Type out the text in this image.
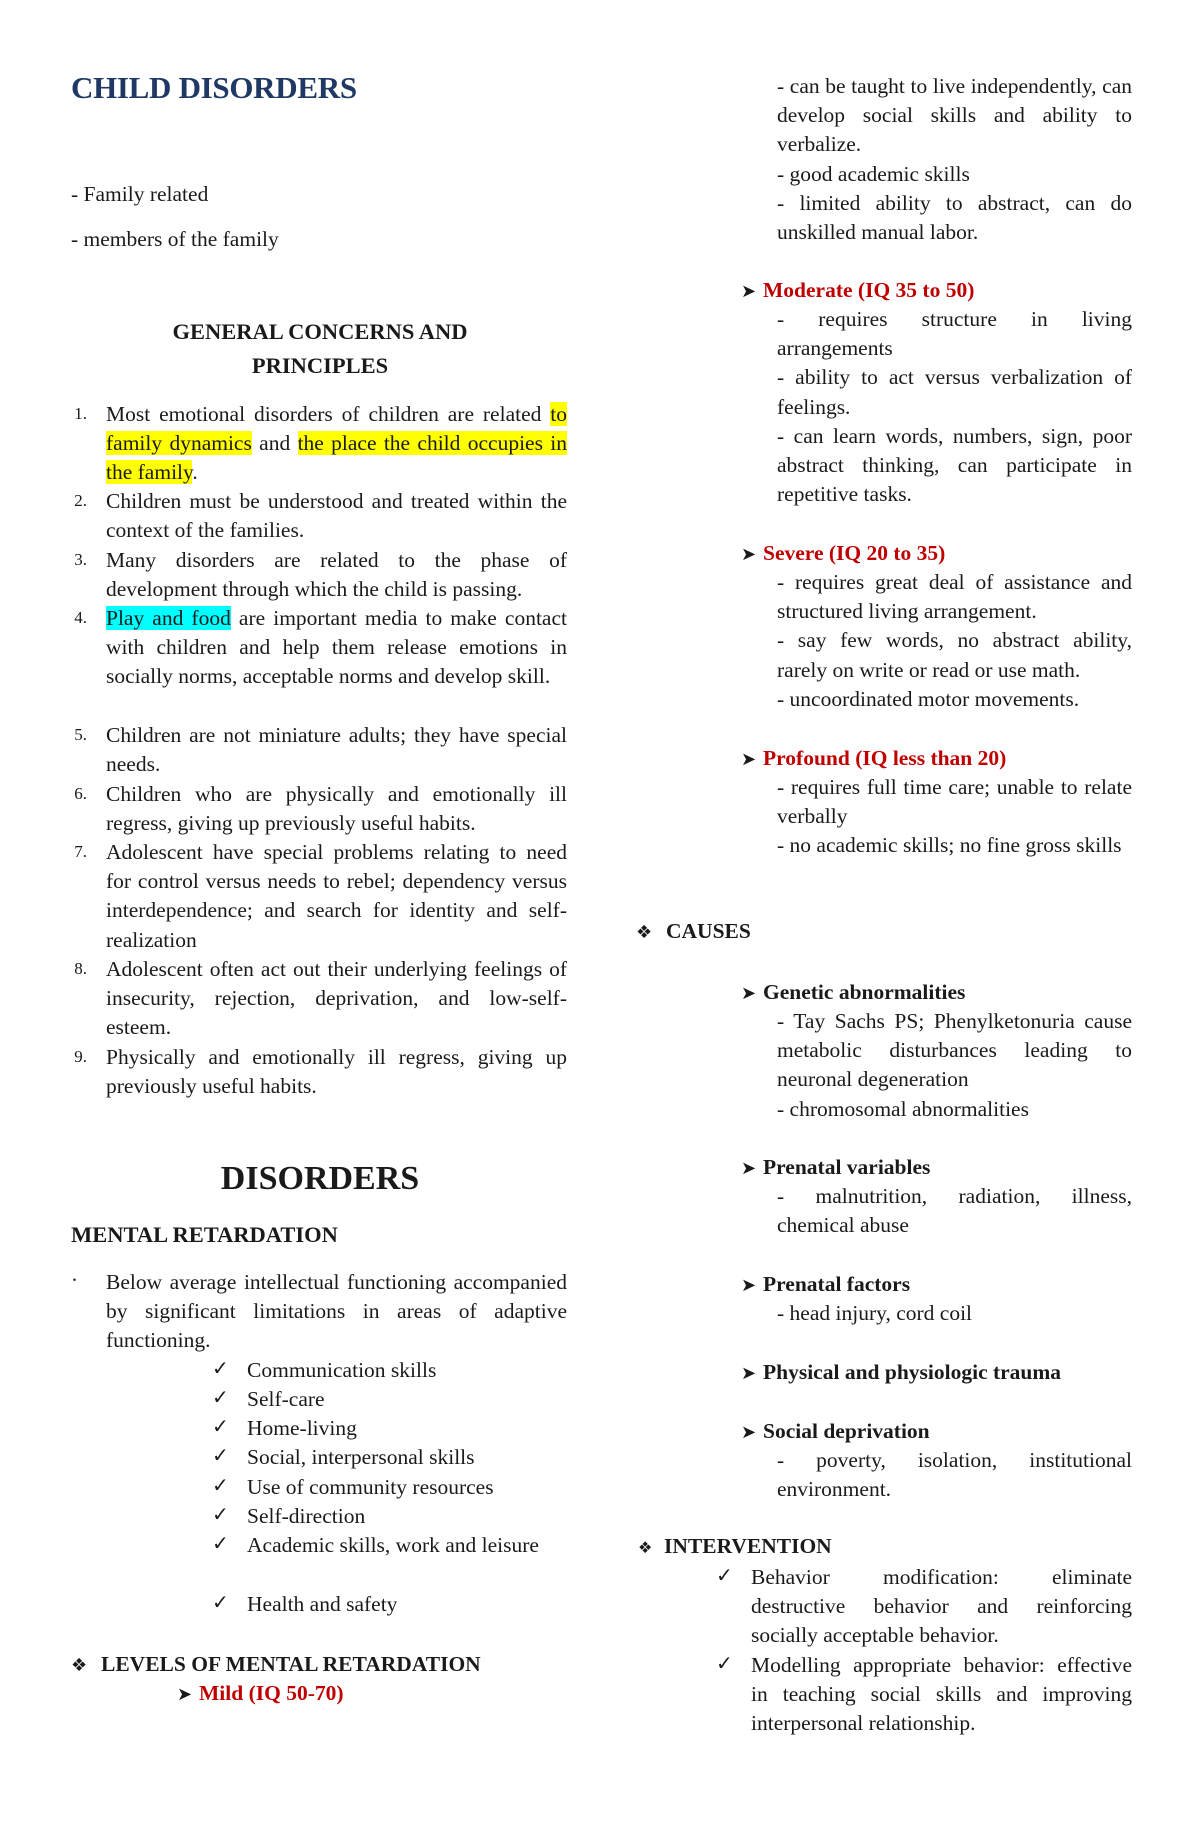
CHILD DISORDERS
- Family related
- members of the family
GENERAL CONCERNS AND
PRINCIPLES
1. Most emotional disorders of children are related to family dynamics and the place the child occupies in the family.
2. Children must be understood and treated within the context of the families.
3. Many disorders are related to the phase of development through which the child is passing.
4. Play and food are important media to make contact with children and help them release emotions in socially norms, acceptable norms and develop skill.
5. Children are not miniature adults; they have special needs.
6. Children who are physically and emotionally ill regress, giving up previously useful habits.
7. Adolescent have special problems relating to need for control versus needs to rebel; dependency versus interdependence; and search for identity and self-realization
8. Adolescent often act out their underlying feelings of insecurity, rejection, deprivation, and low-self-esteem.
9. Physically and emotionally ill regress, giving up previously useful habits.
DISORDERS
MENTAL RETARDATION
· Below average intellectual functioning accompanied by significant limitations in areas of adaptive functioning.
✓ Communication skills
✓ Self-care
✓ Home-living
✓ Social, interpersonal skills
✓ Use of community resources
✓ Self-direction
✓ Academic skills, work and leisure
✓ Health and safety
❖ LEVELS OF MENTAL RETARDATION
➤ Mild (IQ 50-70)
- can be taught to live independently, can develop social skills and ability to verbalize.
- good academic skills
- limited ability to abstract, can do unskilled manual labor.
➤ Moderate (IQ 35 to 50)
- requires structure in living arrangements
- ability to act versus verbalization of feelings.
- can learn words, numbers, sign, poor abstract thinking, can participate in repetitive tasks.
➤ Severe (IQ 20 to 35)
- requires great deal of assistance and structured living arrangement.
- say few words, no abstract ability, rarely on write or read or use math.
- uncoordinated motor movements.
➤ Profound (IQ less than 20)
- requires full time care; unable to relate verbally
- no academic skills; no fine gross skills
❖ CAUSES
➤ Genetic abnormalities
- Tay Sachs PS; Phenylketonuria cause metabolic disturbances leading to neuronal degeneration
- chromosomal abnormalities
➤ Prenatal variables
- malnutrition, radiation, illness, chemical abuse
➤ Prenatal factors
- head injury, cord coil
➤ Physical and physiologic trauma
➤ Social deprivation
- poverty, isolation, institutional environment.
❖ INTERVENTION
✓ Behavior modification: eliminate destructive behavior and reinforcing socially acceptable behavior.
✓ Modelling appropriate behavior: effective in teaching social skills and improving interpersonal relationship.
